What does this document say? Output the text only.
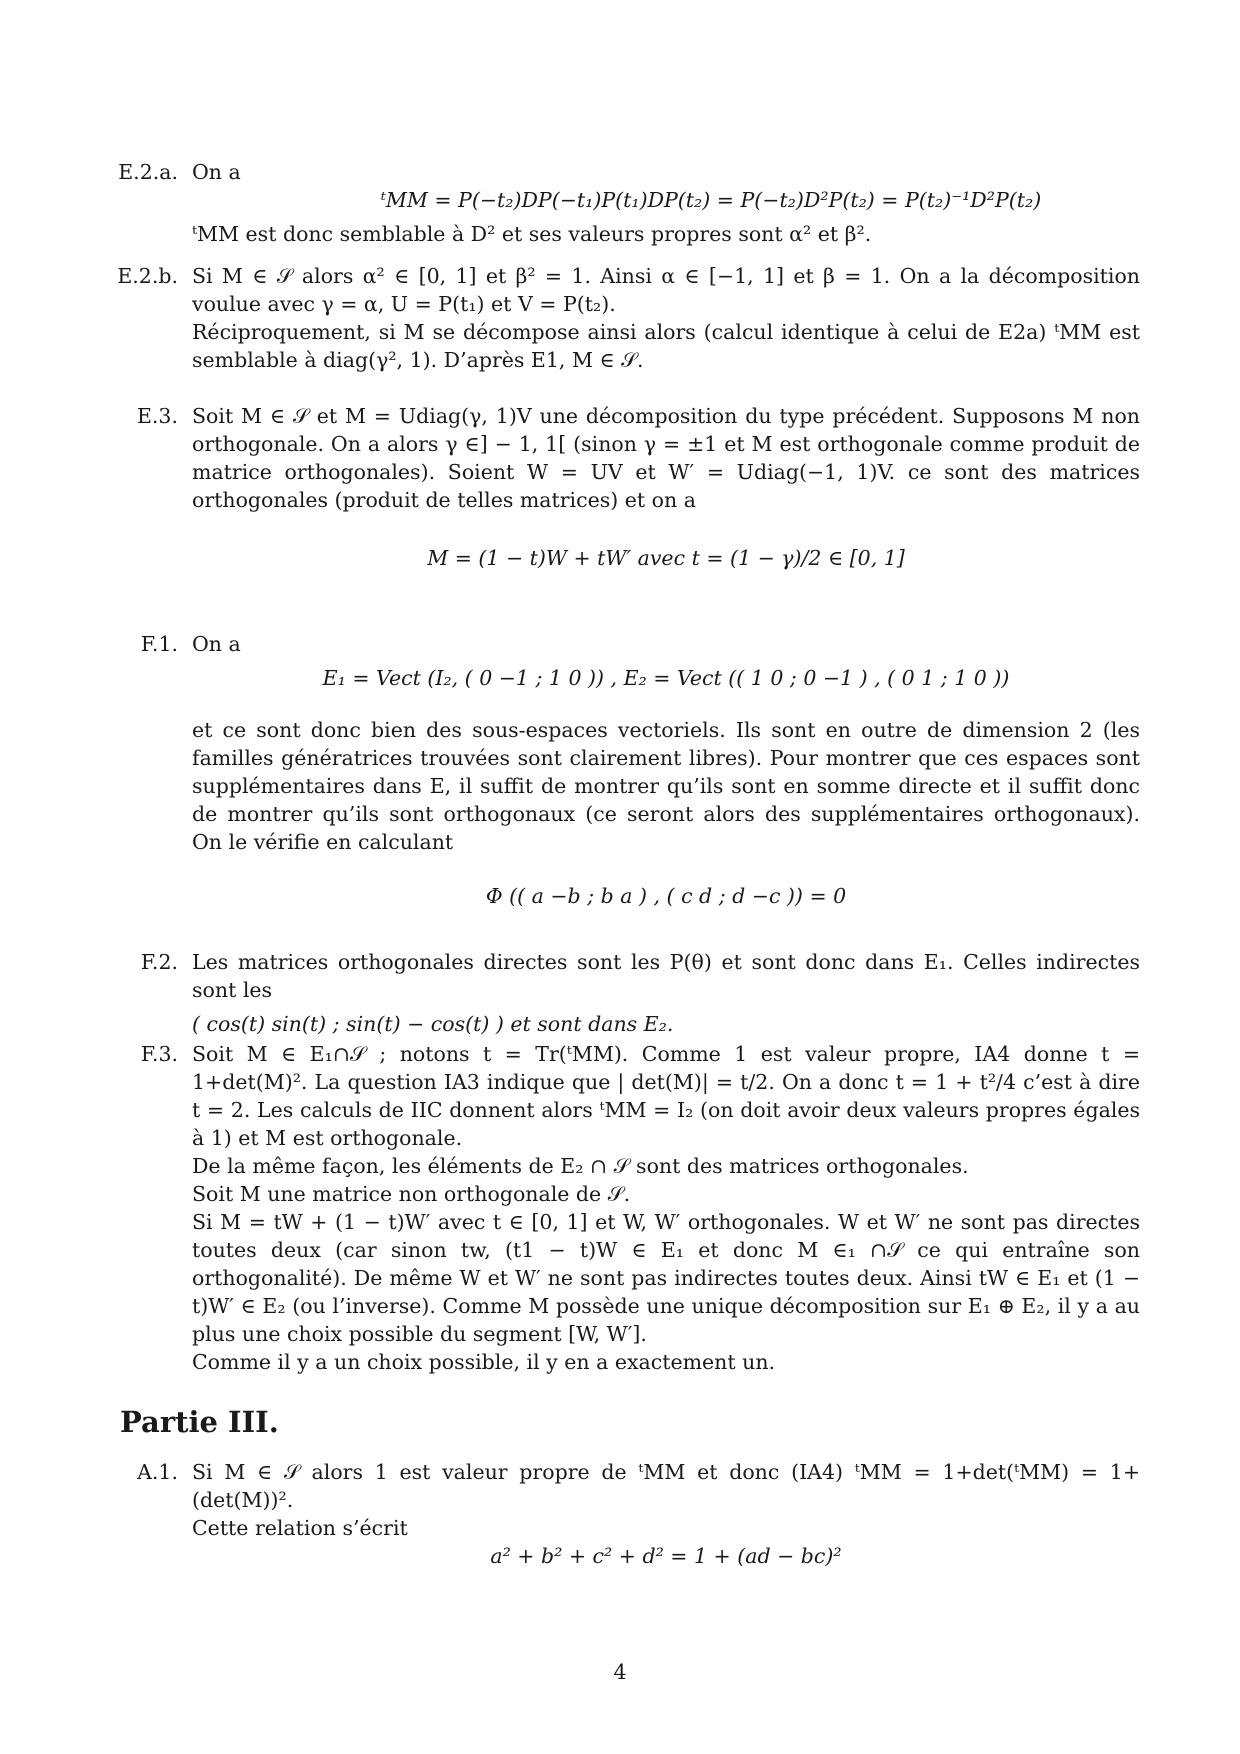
E.2.a. On a

ᵗMM = P(−t₂)DP(−t₁)P(t₁)DP(t₂) = P(−t₂)D²P(t₂) = P(t₂)⁻¹D²P(t₂)

ᵗMM est donc semblable à D² et ses valeurs propres sont α² et β².

E.2.b. Si M ∈ 𝒮 alors α² ∈ [0, 1] et β² = 1. Ainsi α ∈ [−1, 1] et β = 1. On a la décomposition voulue avec γ = α, U = P(t₁) et V = P(t₂).

Réciproquement, si M se décompose ainsi alors (calcul identique à celui de E2a) ᵗMM est semblable à diag(γ², 1). D’après E1, M ∈ 𝒮.

E.3. Soit M ∈ 𝒮 et M = Udiag(γ, 1)V une décomposition du type précédent. Supposons M non orthogonale. On a alors γ ∈] − 1, 1[ (sinon γ = ±1 et M est orthogonale comme produit de matrice orthogonales). Soient W = UV et W′ = Udiag(−1, 1)V. ce sont des matrices orthogonales (produit de telles matrices) et on a

M = (1 − t)W + tW′ avec t = (1 − γ)/2 ∈ [0, 1]

F.1. On a

E₁ = Vect (I₂, ( 0 −1 ; 1 0 )) , E₂ = Vect (( 1 0 ; 0 −1 ) , ( 0 1 ; 1 0 ))

et ce sont donc bien des sous-espaces vectoriels. Ils sont en outre de dimension 2 (les familles génératrices trouvées sont clairement libres). Pour montrer que ces espaces sont supplémentaires dans E, il suffit de montrer qu’ils sont en somme directe et il suffit donc de montrer qu’ils sont orthogonaux (ce seront alors des supplémentaires orthogonaux). On le vérifie en calculant

Φ (( a −b ; b a ) , ( c d ; d −c )) = 0

F.2. Les matrices orthogonales directes sont les P(θ) et sont donc dans E₁. Celles indirectes sont les

( cos(t) sin(t) ; sin(t) − cos(t) ) et sont dans E₂.

F.3. Soit M ∈ E₁∩𝒮 ; notons t = Tr(ᵗMM). Comme 1 est valeur propre, IA4 donne t = 1+det(M)². La question IA3 indique que | det(M)| = t/2. On a donc t = 1 + t²/4 c’est à dire t = 2. Les calculs de IIC donnent alors ᵗMM = I₂ (on doit avoir deux valeurs propres égales à 1) et M est orthogonale.

De la même façon, les éléments de E₂ ∩ 𝒮 sont des matrices orthogonales.

Soit M une matrice non orthogonale de 𝒮.

Si M = tW + (1 − t)W′ avec t ∈ [0, 1] et W, W′ orthogonales. W et W′ ne sont pas directes toutes deux (car sinon tw, (t1 − t)W ∈ E₁ et donc M ∈₁ ∩𝒮 ce qui entraîne son orthogonalité). De même W et W′ ne sont pas indirectes toutes deux. Ainsi tW ∈ E₁ et (1 − t)W′ ∈ E₂ (ou l’inverse). Comme M possède une unique décomposition sur E₁ ⊕ E₂, il y a au plus une choix possible du segment [W, W′].

Comme il y a un choix possible, il y en a exactement un.

Partie III.
A.1. Si M ∈ 𝒮 alors 1 est valeur propre de ᵗMM et donc (IA4) ᵗMM = 1+det(ᵗMM) = 1+(det(M))².

Cette relation s’écrit

a² + b² + c² + d² = 1 + (ad − bc)²

4
